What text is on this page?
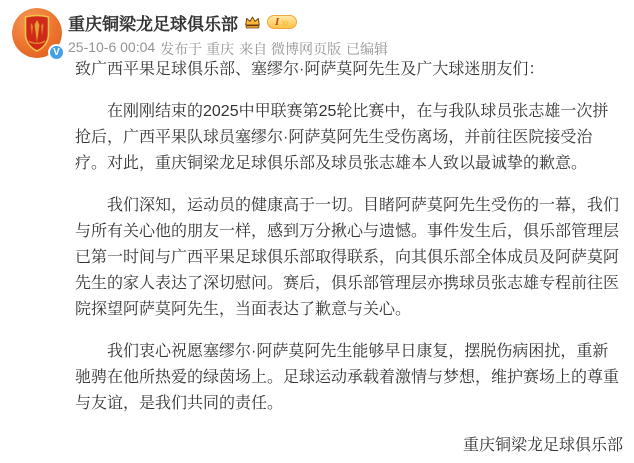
V
重庆铜梁龙足球俱乐部	I »
25-10-6 00:04 发布于 重庆 来自 微博网页版 已编辑

致广西平果足球俱乐部、塞缪尔·阿萨莫阿先生及广大球迷朋友们：

在刚刚结束的2025中甲联赛第25轮比赛中，在与我队球员张志雄一次拼抢后，广西平果队球员塞缪尔·阿萨莫阿先生受伤离场，并前往医院接受治疗。对此，重庆铜梁龙足球俱乐部及球员张志雄本人致以最诚挚的歉意。

我们深知，运动员的健康高于一切。目睹阿萨莫阿先生受伤的一幕，我们与所有关心他的朋友一样，感到万分揪心与遗憾。事件发生后，俱乐部管理层已第一时间与广西平果足球俱乐部取得联系，向其俱乐部全体成员及阿萨莫阿先生的家人表达了深切慰问。赛后，俱乐部管理层亦携球员张志雄专程前往医院探望阿萨莫阿先生，当面表达了歉意与关心。

我们衷心祝愿塞缪尔·阿萨莫阿先生能够早日康复，摆脱伤病困扰，重新驰骋在他所热爱的绿茵场上。足球运动承载着激情与梦想，维护赛场上的尊重与友谊，是我们共同的责任。

重庆铜梁龙足球俱乐部
